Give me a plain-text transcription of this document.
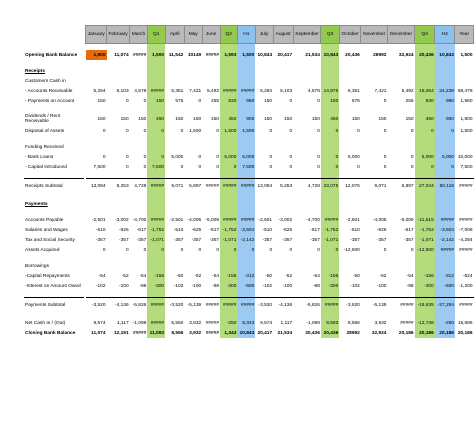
		January	February	March	Q1	April	May	June	Q2	H1	July	August	September	Q3	October	November	December	Q4	H2	Year

Opening Bank Balance		1,500	11,074	#####	1,500	11,542	10149	#####	1,593	1,500	10,843	20,417	21,534	10,843	20,436	28992	32,924	20,436	10,843	1,500

Receipts																				
Customers Cash in																				
- Accounts Receivable		5,294	5,103	4,578	#####	6,351	7,421	5,492	#####	#####	5,294	5,103	4,578	14,975	6,351	7,421	5,492	19,264	34,239	68,478
- Payments on Account		150	0	0	150	575	0	255	830	980	150	0	0	150	575	0	255	830	980	1,960

Dividends / Rent Receivable		150	150	150	450	150	150	150	450	900	150	150	150	450	150	150	150	450	900	1,800
Disposal of Assets		0	0	0	0	0	1,500	0	1,500	1,500	0	0	0	0	0	0	0	0	0	1,500

Funding Received																				
- Bank Loans		0	0	0	0	5,000	0	0	5,000	5,000	0	0	0	0	5,000	0	0	5,000	5,000	10,000
- Capital Introduced		7,500	0	0	7,500	0	0	0	0	7,500	0	0	0	0	0	0	0	0	0	7,500

Receipts Subtotal		13,094	5,253	4,728	#####	9,071	5,897	#####	#####	#####	13,094	5,253	4,728	23,075	12,076	9,071	5,897	27,044	50,119	#####

Payments																				

Accounts Payable		-2,501	-3,002	-4,700	#####	-2,501	-4,005	-5,009	#####	#####	-2,501	-3,002	-4,700	#####	-2,501	-4,005	-5,009	-11,515	#####	#####
Salaries and Wages		-510	-625	-617	-1,752	-510	-625	-617	-1,752	-3,504	-510	-625	-617	-1,752	-510	-625	-617	-1,752	-3,504	-7,008
Tax and Social Security		-357	-357	-357	-1,071	-357	-357	-357	-1,071	-2,142	-357	-357	-357	-1,071	-357	-357	-357	-1,071	-2,142	-4,284
Assets Acquired		0	0	0	0	0	0	0	0	0	0	0	0	0	-12,500	0	0	-12,500	#####	#####

Borrowings																				
-Capital Repayments		-54	-52	-54	-156	-50	-52	-54	-156	-312	-50	-52	-54	-156	-50	-52	-54	-156	-312	-624
-Interest on Amount Owed		-102	-100	-98	-300	-102	-100	-98	-300	-600	-102	-100	-98	-300	-102	-100	-98	-300	-600	-1,200

Payments Subtotal		-3,520	-4,136	-5,826	#####	-3,520	-5,139	#####	#####	#####	-3,520	-4,136	-5,826	#####	-3,520	-5,139	#####	-18,635	-27,294	#####

Net Cash In / (Out)		9,574	1,117	-1,098	#####	5,550	3,932	#####	-250	9,343	9,574	1,117	-1,098	9,593	8,556	3,932	#####	-12,738	-250	18,686
Closing Bank Balance		11,074	12,191	#####	11,093	8,556	3,932	#####	1,343	10,843	20,417	21,534	20,436	20,436	28992	32,924	20,186	20,186	20,186	20,186
